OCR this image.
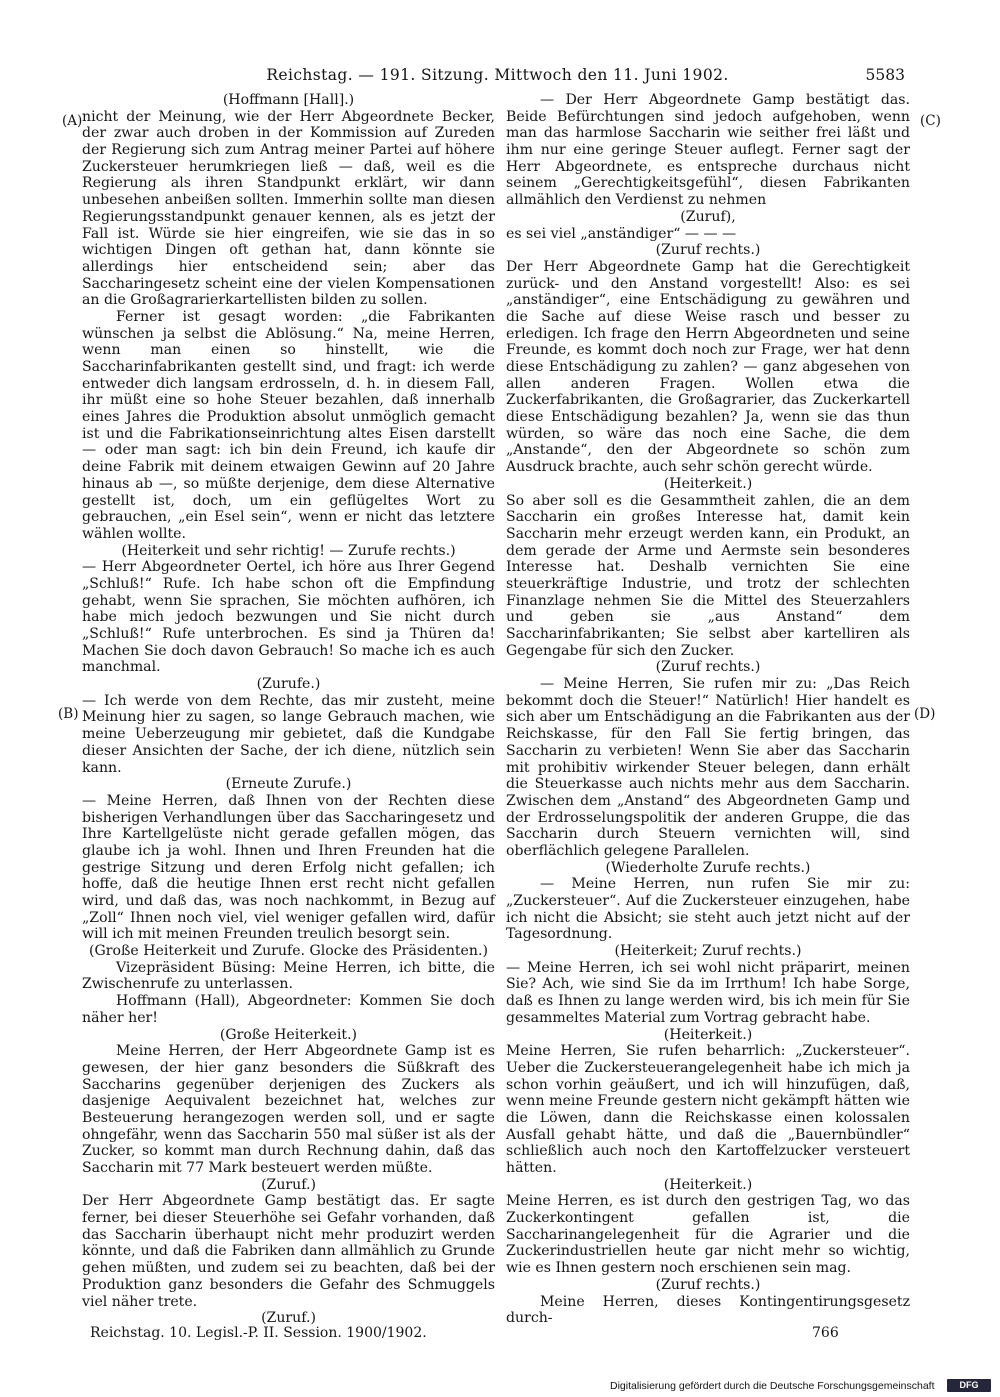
Reichstag. — 191. Sitzung. Mittwoch den 11. Juni 1902.	5583
(A)
(B)
(C)
(D)

(Hoffmann [Hall].)

nicht der Meinung, wie der Herr Abgeordnete Becker, der zwar auch droben in der Kommission auf Zureden der Regierung sich zum Antrag meiner Partei auf höhere Zuckersteuer herumkriegen ließ — daß, weil es die Regierung als ihren Standpunkt erklärt, wir dann unbesehen anbeißen sollten. Immerhin sollte man diesen Regierungsstandpunkt genauer kennen, als es jetzt der Fall ist. Würde sie hier eingreifen, wie sie das in so wichtigen Dingen oft gethan hat, dann könnte sie allerdings hier entscheidend sein; aber das Saccharingesetz scheint eine der vielen Kompensationen an die Großagrarierkartellisten bilden zu sollen.

Ferner ist gesagt worden: „die Fabrikanten wünschen ja selbst die Ablösung.“ Na, meine Herren, wenn man einen so hinstellt, wie die Saccharinfabrikanten gestellt sind, und fragt: ich werde entweder dich langsam erdrosseln, d. h. in diesem Fall, ihr müßt eine so hohe Steuer bezahlen, daß innerhalb eines Jahres die Produktion absolut unmöglich gemacht ist und die Fabrikationseinrichtung altes Eisen darstellt — oder man sagt: ich bin dein Freund, ich kaufe dir deine Fabrik mit deinem etwaigen Gewinn auf 20 Jahre hinaus ab —, so müßte derjenige, dem diese Alternative gestellt ist, doch, um ein geflügeltes Wort zu gebrauchen, „ein Esel sein“, wenn er nicht das letztere wählen wollte.

(Heiterkeit und sehr richtig! — Zurufe rechts.)

— Herr Abgeordneter Oertel, ich höre aus Ihrer Gegend „Schluß!“ Rufe. Ich habe schon oft die Empfindung gehabt, wenn Sie sprachen, Sie möchten aufhören, ich habe mich jedoch bezwungen und Sie nicht durch „Schluß!“ Rufe unterbrochen. Es sind ja Thüren da! Machen Sie doch davon Gebrauch! So mache ich es auch manchmal.

(Zurufe.)

— Ich werde von dem Rechte, das mir zusteht, meine Meinung hier zu sagen, so lange Gebrauch machen, wie meine Ueberzeugung mir gebietet, daß die Kundgabe dieser Ansichten der Sache, der ich diene, nützlich sein kann.

(Erneute Zurufe.)

— Meine Herren, daß Ihnen von der Rechten diese bisherigen Verhandlungen über das Saccharingesetz und Ihre Kartellgelüste nicht gerade gefallen mögen, das glaube ich ja wohl. Ihnen und Ihren Freunden hat die gestrige Sitzung und deren Erfolg nicht gefallen; ich hoffe, daß die heutige Ihnen erst recht nicht gefallen wird, und daß das, was noch nachkommt, in Bezug auf „Zoll“ Ihnen noch viel, viel weniger gefallen wird, dafür will ich mit meinen Freunden treulich besorgt sein.

(Große Heiterkeit und Zurufe. Glocke des Präsidenten.)

Vizepräsident Büsing: Meine Herren, ich bitte, die Zwischenrufe zu unterlassen.

Hoffmann (Hall), Abgeordneter: Kommen Sie doch näher her!

(Große Heiterkeit.)

Meine Herren, der Herr Abgeordnete Gamp ist es gewesen, der hier ganz besonders die Süßkraft des Saccharins gegenüber derjenigen des Zuckers als dasjenige Aequivalent bezeichnet hat, welches zur Besteuerung herangezogen werden soll, und er sagte ohngefähr, wenn das Saccharin 550 mal süßer ist als der Zucker, so kommt man durch Rechnung dahin, daß das Saccharin mit 77 Mark besteuert werden müßte.

(Zuruf.)

Der Herr Abgeordnete Gamp bestätigt das. Er sagte ferner, bei dieser Steuerhöhe sei Gefahr vorhanden, daß das Saccharin überhaupt nicht mehr produzirt werden könnte, und daß die Fabriken dann allmählich zu Grunde gehen müßten, und zudem sei zu beachten, daß bei der Produktion ganz besonders die Gefahr des Schmuggels viel näher trete.

(Zuruf.)

— Der Herr Abgeordnete Gamp bestätigt das. Beide Befürchtungen sind jedoch aufgehoben, wenn man das harmlose Saccharin wie seither frei läßt und ihm nur eine geringe Steuer auflegt. Ferner sagt der Herr Abgeordnete, es entspreche durchaus nicht seinem „Gerechtigkeitsgefühl“, diesen Fabrikanten allmählich den Verdienst zu nehmen

(Zuruf),

es sei viel „anständiger“ — — —

(Zuruf rechts.)

Der Herr Abgeordnete Gamp hat die Gerechtigkeit zurück- und den Anstand vorgestellt! Also: es sei „anständiger“, eine Entschädigung zu gewähren und die Sache auf diese Weise rasch und besser zu erledigen. Ich frage den Herrn Abgeordneten und seine Freunde, es kommt doch noch zur Frage, wer hat denn diese Entschädigung zu zahlen? — ganz abgesehen von allen anderen Fragen. Wollen etwa die Zuckerfabrikanten, die Großagrarier, das Zuckerkartell diese Entschädigung bezahlen? Ja, wenn sie das thun würden, so wäre das noch eine Sache, die dem „Anstande“, den der Abgeordnete so schön zum Ausdruck brachte, auch sehr schön gerecht würde.

(Heiterkeit.)

So aber soll es die Gesammtheit zahlen, die an dem Saccharin ein großes Interesse hat, damit kein Saccharin mehr erzeugt werden kann, ein Produkt, an dem gerade der Arme und Aermste sein besonderes Interesse hat. Deshalb vernichten Sie eine steuerkräftige Industrie, und trotz der schlechten Finanzlage nehmen Sie die Mittel des Steuerzahlers und geben sie „aus Anstand“ dem Saccharinfabrikanten; Sie selbst aber kartelliren als Gegengabe für sich den Zucker.

(Zuruf rechts.)

— Meine Herren, Sie rufen mir zu: „Das Reich bekommt doch die Steuer!“ Natürlich! Hier handelt es sich aber um Entschädigung an die Fabrikanten aus der Reichskasse, für den Fall Sie fertig bringen, das Saccharin zu verbieten! Wenn Sie aber das Saccharin mit prohibitiv wirkender Steuer belegen, dann erhält die Steuerkasse auch nichts mehr aus dem Saccharin. Zwischen dem „Anstand“ des Abgeordneten Gamp und der Erdrosselungspolitik der anderen Gruppe, die das Saccharin durch Steuern vernichten will, sind oberflächlich gelegene Parallelen.

(Wiederholte Zurufe rechts.)

— Meine Herren, nun rufen Sie mir zu: „Zuckersteuer“. Auf die Zuckersteuer einzugehen, habe ich nicht die Absicht; sie steht auch jetzt nicht auf der Tagesordnung.

(Heiterkeit; Zuruf rechts.)

— Meine Herren, ich sei wohl nicht präparirt, meinen Sie? Ach, wie sind Sie da im Irrthum! Ich habe Sorge, daß es Ihnen zu lange werden wird, bis ich mein für Sie gesammeltes Material zum Vortrag gebracht habe.

(Heiterkeit.)

Meine Herren, Sie rufen beharrlich: „Zuckersteuer“. Ueber die Zuckersteuerangelegenheit habe ich mich ja schon vorhin geäußert, und ich will hinzufügen, daß, wenn meine Freunde gestern nicht gekämpft hätten wie die Löwen, dann die Reichskasse einen kolossalen Ausfall gehabt hätte, und daß die „Bauernbündler“ schließlich auch noch den Kartoffelzucker versteuert hätten.

(Heiterkeit.)

Meine Herren, es ist durch den gestrigen Tag, wo das Zuckerkontingent gefallen ist, die Saccharinangelegenheit für die Agrarier und die Zuckerindustriellen heute gar nicht mehr so wichtig, wie es Ihnen gestern noch erschienen sein mag.

(Zuruf rechts.)

Meine Herren, dieses Kontingentirungsgesetz durch-

Reichstag. 10. Legisl.-P. II. Session. 1900/1902.	766
Digitalisierung gefördert durch die Deutsche Forschungsgemeinschaft	DFG
